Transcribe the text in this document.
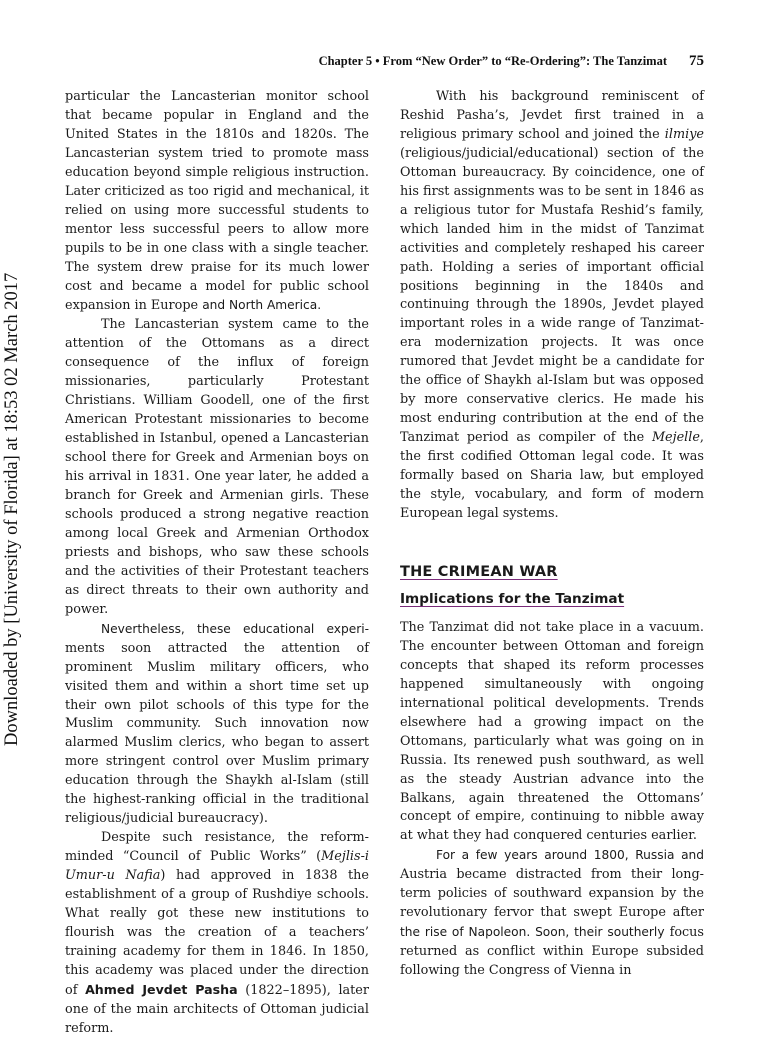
Chapter 5 • From “New Order” to “Re-Ordering”: The Tanzimat 75
Downloaded by [University of Florida] at 18:53 02 March 2017

particular the Lancasterian monitor school that became popular in England and the United States in the 1810s and 1820s. The Lancasterian system tried to promote mass education beyond simple religious instruction. Later criticized as too rigid and mechanical, it relied on using more successful students to mentor less successful peers to allow more pupils to be in one class with a single teacher. The system drew praise for its much lower cost and became a model for public school expansion in Europe and North America.

The Lancasterian system came to the attention of the Ottomans as a direct consequence of the influx of foreign missionaries, particularly Protestant Christians. William Goodell, one of the first American Protestant missionaries to become established in Istanbul, opened a Lancasterian school there for Greek and Armenian boys on his arrival in 1831. One year later, he added a branch for Greek and Armenian girls. These schools produced a strong negative reaction among local Greek and Armenian Orthodox priests and bishops, who saw these schools and the activities of their Protestant teachers as direct threats to their own authority and power.

Nevertheless, these educational experi- ments soon attracted the attention of prominent Muslim military officers, who visited them and within a short time set up their own pilot schools of this type for the Muslim community. Such innovation now alarmed Muslim clerics, who began to assert more stringent control over Muslim primary education through the Shaykh al-Islam (still the highest-ranking official in the traditional religious/judicial bureaucracy).

Despite such resistance, the reform-minded “Council of Public Works” (Mejlis-i Umur-u Nafia) had approved in 1838 the establishment of a group of Rushdiye schools. What really got these new institutions to flourish was the creation of a teachers’ training academy for them in 1846. In 1850, this academy was placed under the direction of Ahmed Jevdet Pasha (1822–1895), later one of the main architects of Ottoman judicial reform.

With his background reminiscent of Reshid Pasha’s, Jevdet first trained in a religious primary school and joined the ilmiye (religious/judicial/educational) section of the Ottoman bureaucracy. By coincidence, one of his first assignments was to be sent in 1846 as a religious tutor for Mustafa Reshid’s family, which landed him in the midst of Tanzimat activities and completely reshaped his career path. Holding a series of important official positions beginning in the 1840s and continuing through the 1890s, Jevdet played important roles in a wide range of Tanzimat-era modernization projects. It was once rumored that Jevdet might be a candidate for the office of Shaykh al-Islam but was opposed by more conservative clerics. He made his most enduring contribution at the end of the Tanzimat period as compiler of the Mejelle, the first codified Ottoman legal code. It was formally based on Sharia law, but employed the style, vocabulary, and form of modern European legal systems.

THE CRIMEAN WAR
Implications for the Tanzimat

The Tanzimat did not take place in a vacuum. The encounter between Ottoman and foreign concepts that shaped its reform processes happened simultaneously with ongoing international political developments. Trends elsewhere had a growing impact on the Ottomans, particularly what was going on in Russia. Its renewed push southward, as well as the steady Austrian advance into the Balkans, again threatened the Ottomans’ concept of empire, continuing to nibble away at what they had conquered centuries earlier.

For a few years around 1800, Russia and Austria became distracted from their long-term policies of southward expansion by the revolutionary fervor that swept Europe after the rise of Napoleon. Soon, their southerly focus returned as conflict within Europe subsided following the Congress of Vienna in
